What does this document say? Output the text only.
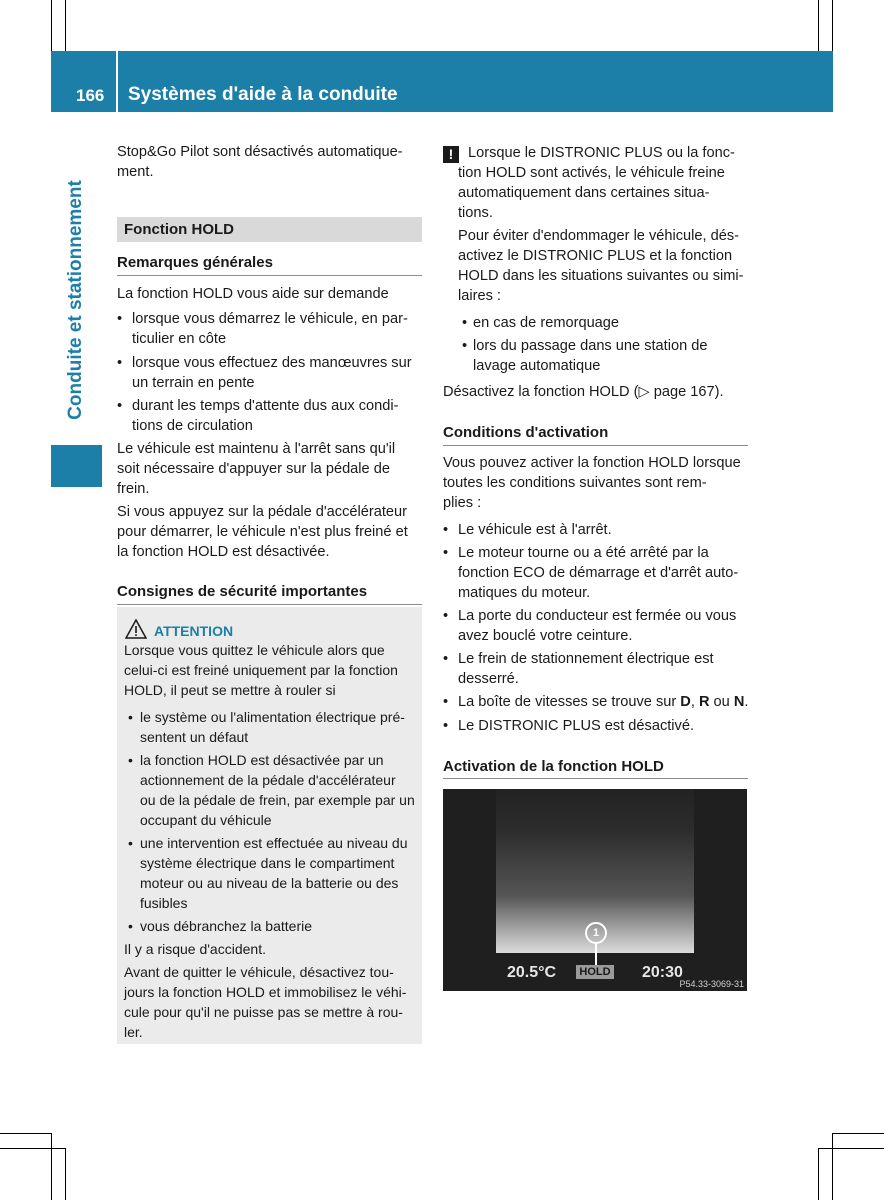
166 Systèmes d'aide à la conduite
Conduite et stationnement
Stop&Go Pilot sont désactivés automatique-
ment.
Fonction HOLD
Remarques générales
La fonction HOLD vous aide sur demande
• lorsque vous démarrez le véhicule, en par-
ticulier en côte
• lorsque vous effectuez des manœuvres sur
un terrain en pente
• durant les temps d'attente dus aux condi-
tions de circulation
Le véhicule est maintenu à l'arrêt sans qu'il
soit nécessaire d'appuyer sur la pédale de
frein.
Si vous appuyez sur la pédale d'accélérateur
pour démarrer, le véhicule n'est plus freiné et
la fonction HOLD est désactivée.
Consignes de sécurité importantes
ATTENTION
Lorsque vous quittez le véhicule alors que
celui-ci est freiné uniquement par la fonction
HOLD, il peut se mettre à rouler si
• le système ou l'alimentation électrique pré-
sentent un défaut
• la fonction HOLD est désactivée par un
actionnement de la pédale d'accélérateur
ou de la pédale de frein, par exemple par un
occupant du véhicule
• une intervention est effectuée au niveau du
système électrique dans le compartiment
moteur ou au niveau de la batterie ou des
fusibles
• vous débranchez la batterie
Il y a risque d'accident.
Avant de quitter le véhicule, désactivez tou-
jours la fonction HOLD et immobilisez le véhi-
cule pour qu'il ne puisse pas se mettre à rou-
ler.
!	Lorsque le DISTRONIC PLUS ou la fonc-
tion HOLD sont activés, le véhicule freine
automatiquement dans certaines situa-
tions.
Pour éviter d'endommager le véhicule, dés-
activez le DISTRONIC PLUS et la fonction
HOLD dans les situations suivantes ou simi-
laires :
• en cas de remorquage
• lors du passage dans une station de
lavage automatique
Désactivez la fonction HOLD (▷ page 167).
Conditions d'activation
Vous pouvez activer la fonction HOLD lorsque
toutes les conditions suivantes sont rem-
plies :
• Le véhicule est à l'arrêt.
• Le moteur tourne ou a été arrêté par la
fonction ECO de démarrage et d'arrêt auto-
matiques du moteur.
• La porte du conducteur est fermée ou vous
avez bouclé votre ceinture.
• Le frein de stationnement électrique est
desserré.
• La boîte de vitesses se trouve sur D, R ou N.
• Le DISTRONIC PLUS est désactivé.
Activation de la fonction HOLD
1
20.5°C	HOLD 20:30
P54.33-3069-31
